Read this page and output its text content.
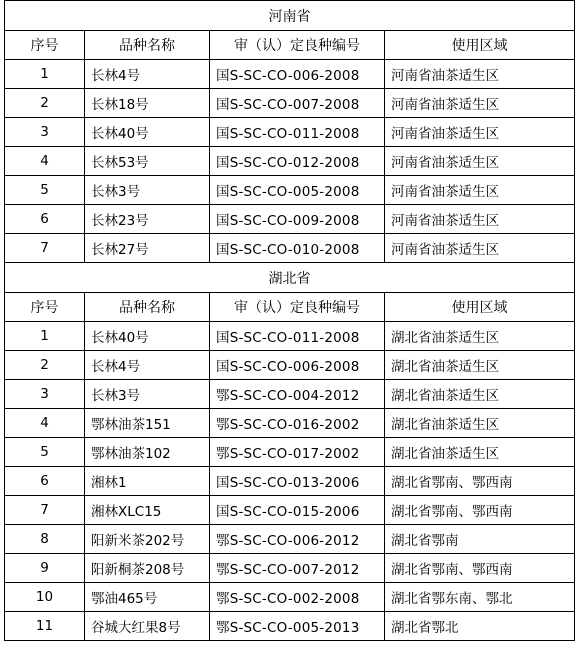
河南省			
序号	品种名称	审（认）定良种编号	使用区域
1	长林4号	国S-SC-CO-006-2008	河南省油茶适生区
2	长林18号	国S-SC-CO-007-2008	河南省油茶适生区
3	长林40号	国S-SC-CO-011-2008	河南省油茶适生区
4	长林53号	国S-SC-CO-012-2008	河南省油茶适生区
5	长林3号	国S-SC-CO-005-2008	河南省油茶适生区
6	长林23号	国S-SC-CO-009-2008	河南省油茶适生区
7	长林27号	国S-SC-CO-010-2008	河南省油茶适生区
湖北省			
序号	品种名称	审（认）定良种编号	使用区域
1	长林40号	国S-SC-CO-011-2008	湖北省油茶适生区
2	长林4号	国S-SC-CO-006-2008	湖北省油茶适生区
3	长林3号	鄂S-SC-CO-004-2012	湖北省油茶适生区
4	鄂林油茶151	鄂S-SC-CO-016-2002	湖北省油茶适生区
5	鄂林油茶102	鄂S-SC-CO-017-2002	湖北省油茶适生区
6	湘林1	国S-SC-CO-013-2006	湖北省鄂南、鄂西南
7	湘林XLC15	国S-SC-CO-015-2006	湖北省鄂南、鄂西南
8	阳新米茶202号	鄂S-SC-CO-006-2012	湖北省鄂南
9	阳新桐茶208号	鄂S-SC-CO-007-2012	湖北省鄂南、鄂西南
10	鄂油465号	鄂S-SC-CO-002-2008	湖北省鄂东南、鄂北
11	谷城大红果8号	鄂S-SC-CO-005-2013	湖北省鄂北
